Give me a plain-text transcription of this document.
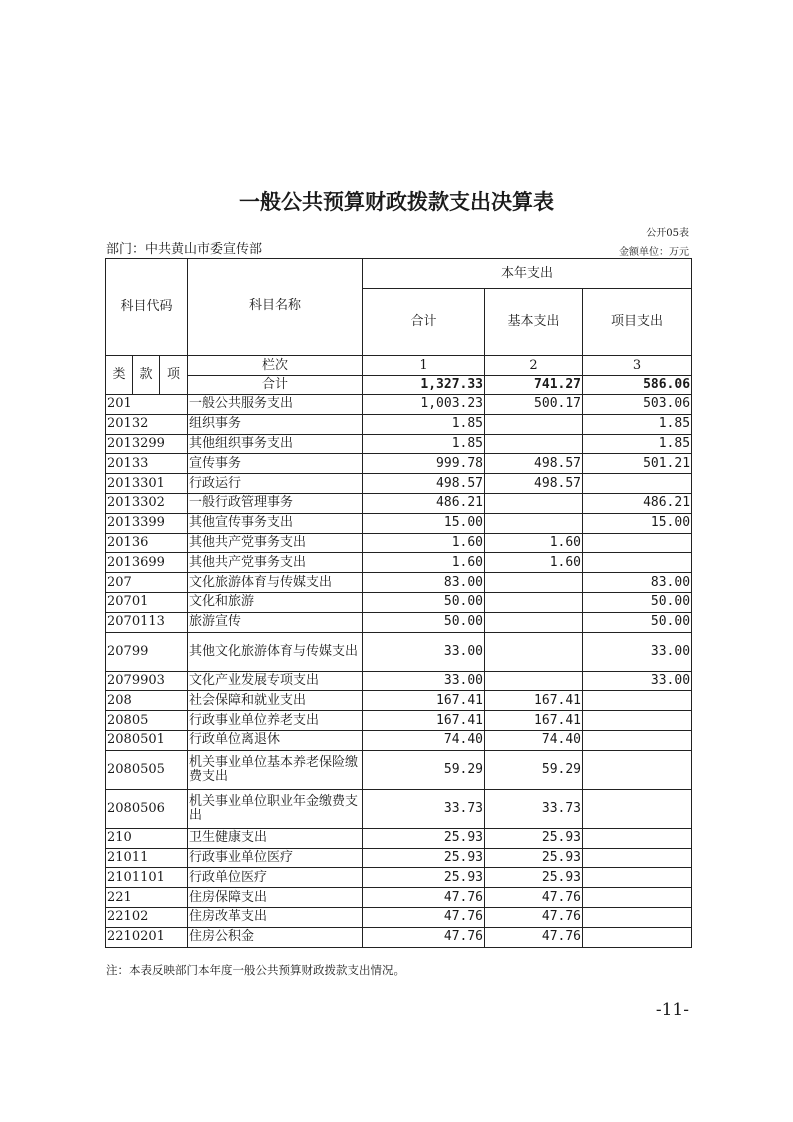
一般公共预算财政拨款支出决算表
公开05表
部门：中共黄山市委宣传部	金额单位：万元
科目代码			科目名称	本年支出		
				合计	基本支出	项目支出
类	款	项	栏次	1	2	3
			合计	1,327.33	741.27	586.06
201			一般公共服务支出	1,003.23	500.17	503.06
20132			组织事务	1.85		1.85
2013299			其他组织事务支出	1.85		1.85
20133			宣传事务	999.78	498.57	501.21
2013301			行政运行	498.57	498.57	
2013302			一般行政管理事务	486.21		486.21
2013399			其他宣传事务支出	15.00		15.00
20136			其他共产党事务支出	1.60	1.60	
2013699			其他共产党事务支出	1.60	1.60	
207			文化旅游体育与传媒支出	83.00		83.00
20701			文化和旅游	50.00		50.00
2070113			旅游宣传	50.00		50.00
20799			其他文化旅游体育与传媒支出	33.00		33.00
2079903			文化产业发展专项支出	33.00		33.00
208			社会保障和就业支出	167.41	167.41	
20805			行政事业单位养老支出	167.41	167.41	
2080501			行政单位离退休	74.40	74.40	
2080505			机关事业单位基本养老保险缴费支出	59.29	59.29	
2080506			机关事业单位职业年金缴费支出	33.73	33.73	
210			卫生健康支出	25.93	25.93	
21011			行政事业单位医疗	25.93	25.93	
2101101			行政单位医疗	25.93	25.93	
221			住房保障支出	47.76	47.76	
22102			住房改革支出	47.76	47.76	
2210201			住房公积金	47.76	47.76	
注：本表反映部门本年度一般公共预算财政拨款支出情况。
-11-
